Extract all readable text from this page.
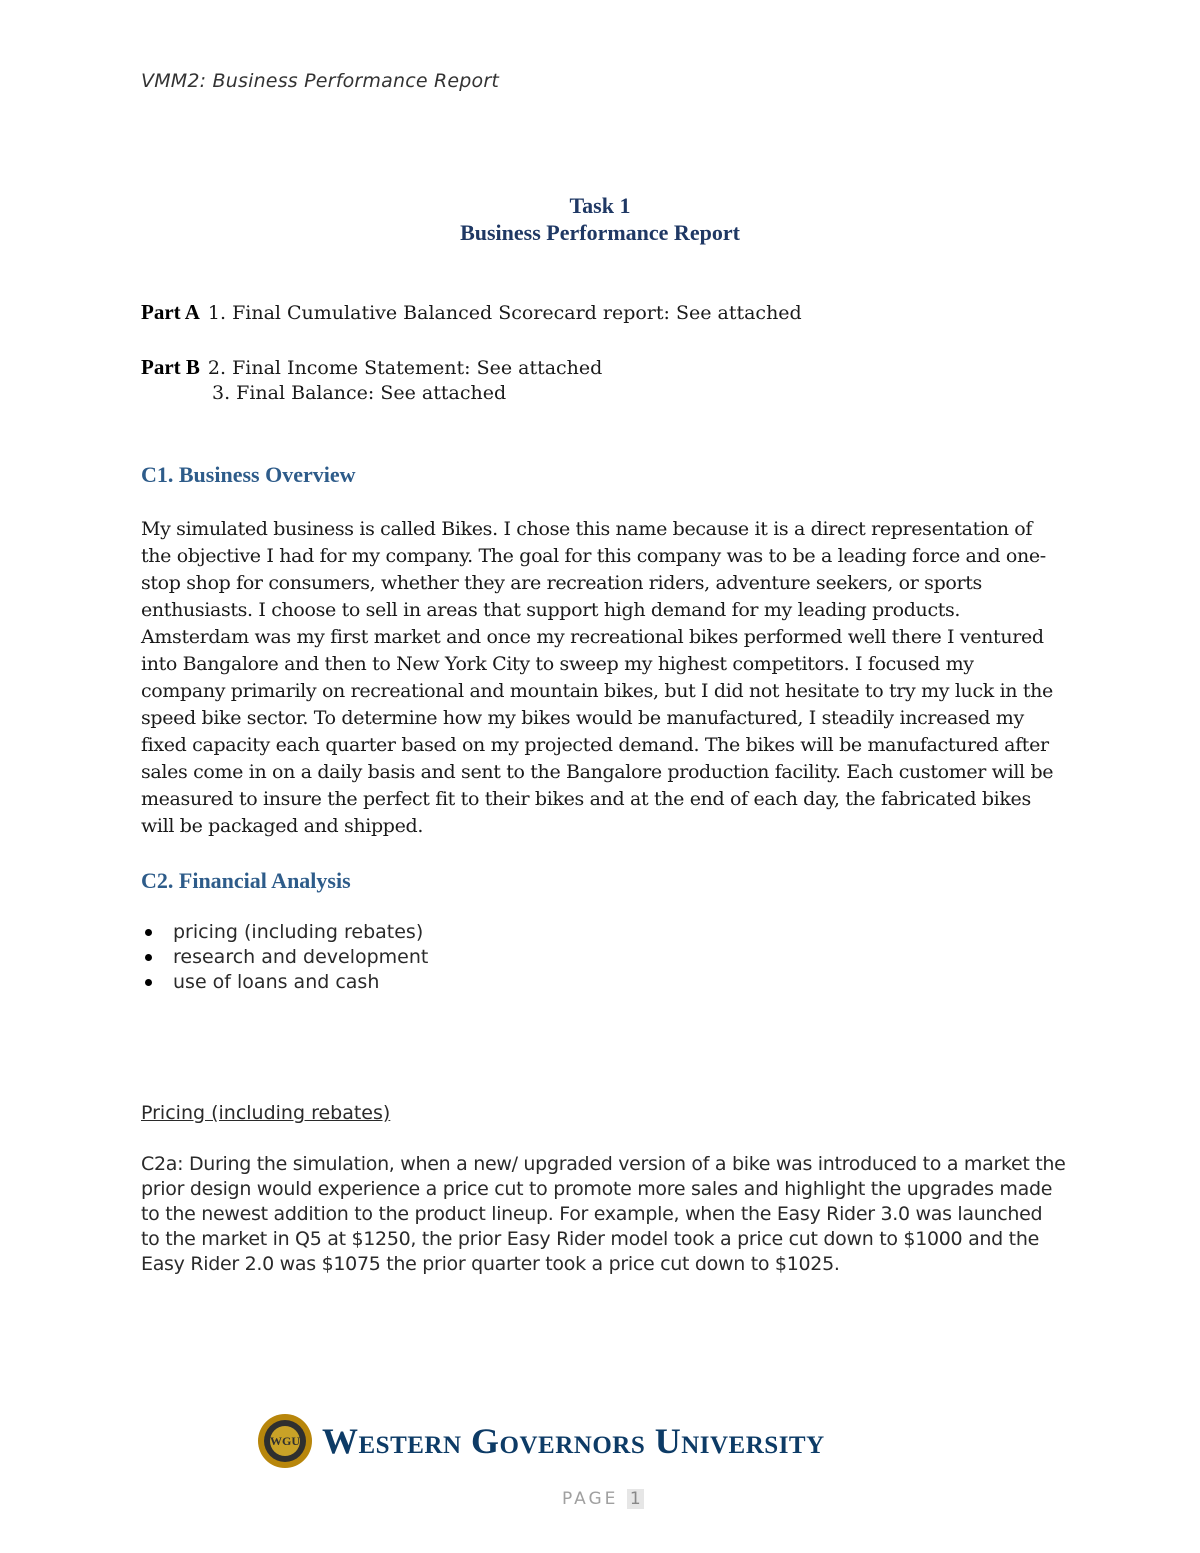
VMM2: Business Performance Report
Task 1
Business Performance Report
Part A 1. Final Cumulative Balanced Scorecard report: See attached
Part B 2. Final Income Statement: See attached
3. Final Balance: See attached
C1. Business Overview
My simulated business is called Bikes. I chose this name because it is a direct representation of the objective I had for my company. The goal for this company was to be a leading force and one-stop shop for consumers, whether they are recreation riders, adventure seekers, or sports enthusiasts. I choose to sell in areas that support high demand for my leading products. Amsterdam was my first market and once my recreational bikes performed well there I ventured into Bangalore and then to New York City to sweep my highest competitors. I focused my company primarily on recreational and mountain bikes, but I did not hesitate to try my luck in the speed bike sector. To determine how my bikes would be manufactured, I steadily increased my fixed capacity each quarter based on my projected demand. The bikes will be manufactured after sales come in on a daily basis and sent to the Bangalore production facility. Each customer will be measured to insure the perfect fit to their bikes and at the end of each day, the fabricated bikes will be packaged and shipped.
C2. Financial Analysis
pricing (including rebates)
research and development
use of loans and cash
Pricing (including rebates)
C2a: During the simulation, when a new/ upgraded version of a bike was introduced to a market the prior design would experience a price cut to promote more sales and highlight the upgrades made to the newest addition to the product lineup. For example, when the Easy Rider 3.0 was launched to the market in Q5 at $1250, the prior Easy Rider model took a price cut down to $1000 and the Easy Rider 2.0 was $1075 the prior quarter took a price cut down to $1025.
WGU Western Governors University
PAGE 1
